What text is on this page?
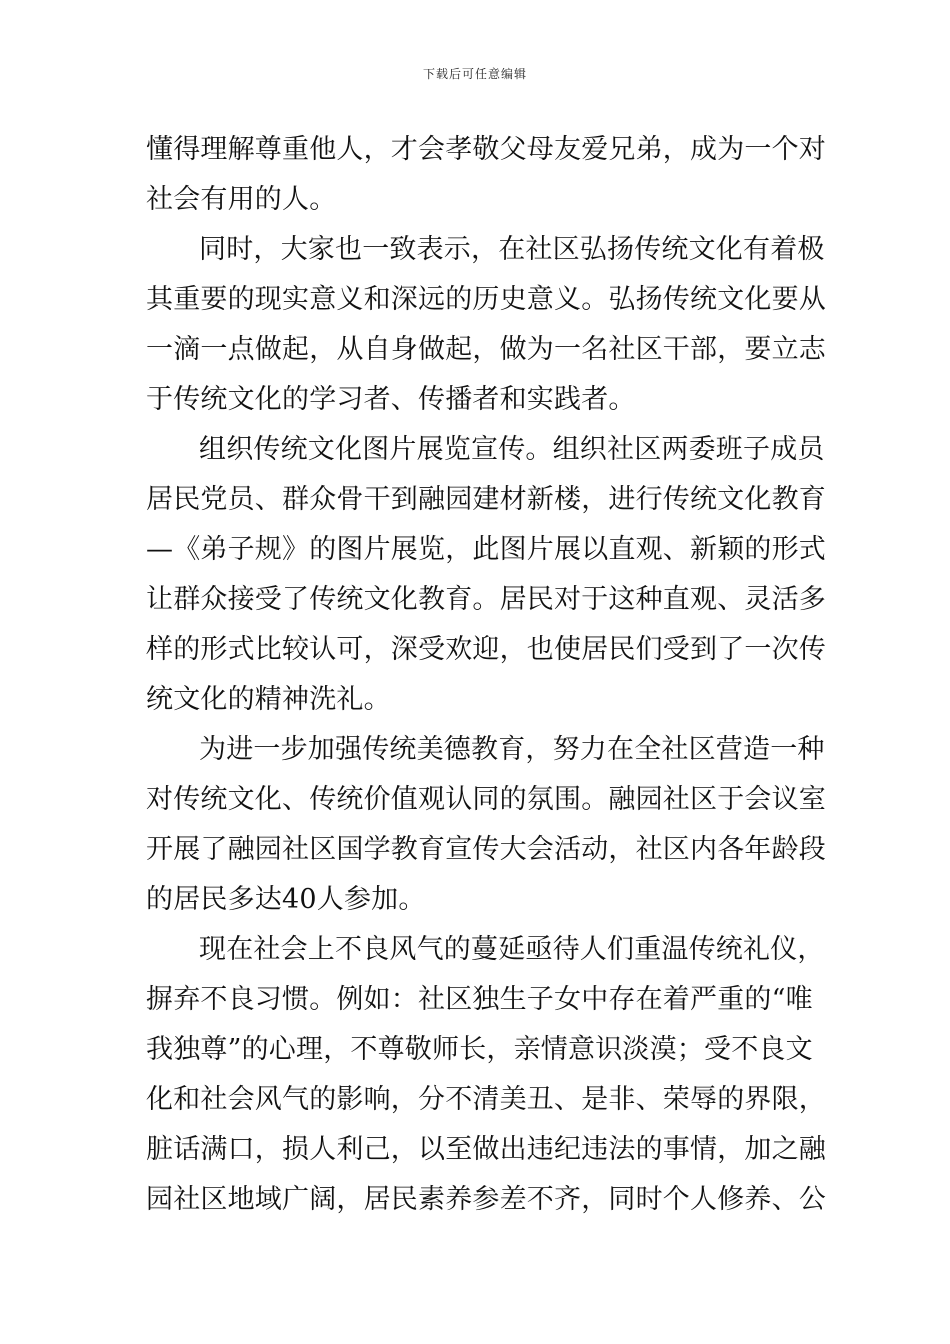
下载后可任意编辑
懂得理解尊重他人，才会孝敬父母友爱兄弟，成为一个对
社会有用的人。
同时，大家也一致表示，在社区弘扬传统文化有着极
其重要的现实意义和深远的历史意义。弘扬传统文化要从
一滴一点做起，从自身做起，做为一名社区干部，要立志
于传统文化的学习者、传播者和实践者。
组织传统文化图片展览宣传。组织社区两委班子成员
居民党员、群众骨干到融园建材新楼，进行传统文化教育
—《弟子规》的图片展览，此图片展以直观、新颖的形式
让群众接受了传统文化教育。居民对于这种直观、灵活多
样的形式比较认可，深受欢迎，也使居民们受到了一次传
统文化的精神洗礼。
为进一步加强传统美德教育，努力在全社区营造一种
对传统文化、传统价值观认同的氛围。融园社区于会议室
开展了融园社区国学教育宣传大会活动，社区内各年龄段
的居民多达40人参加。
现在社会上不良风气的蔓延亟待人们重温传统礼仪，
摒弃不良习惯。例如：社区独生子女中存在着严重的“唯
我独尊”的心理，不尊敬师长，亲情意识淡漠；受不良文
化和社会风气的影响，分不清美丑、是非、荣辱的界限，
脏话满口，损人利己，以至做出违纪违法的事情，加之融
园社区地域广阔，居民素养参差不齐，同时个人修养、公
